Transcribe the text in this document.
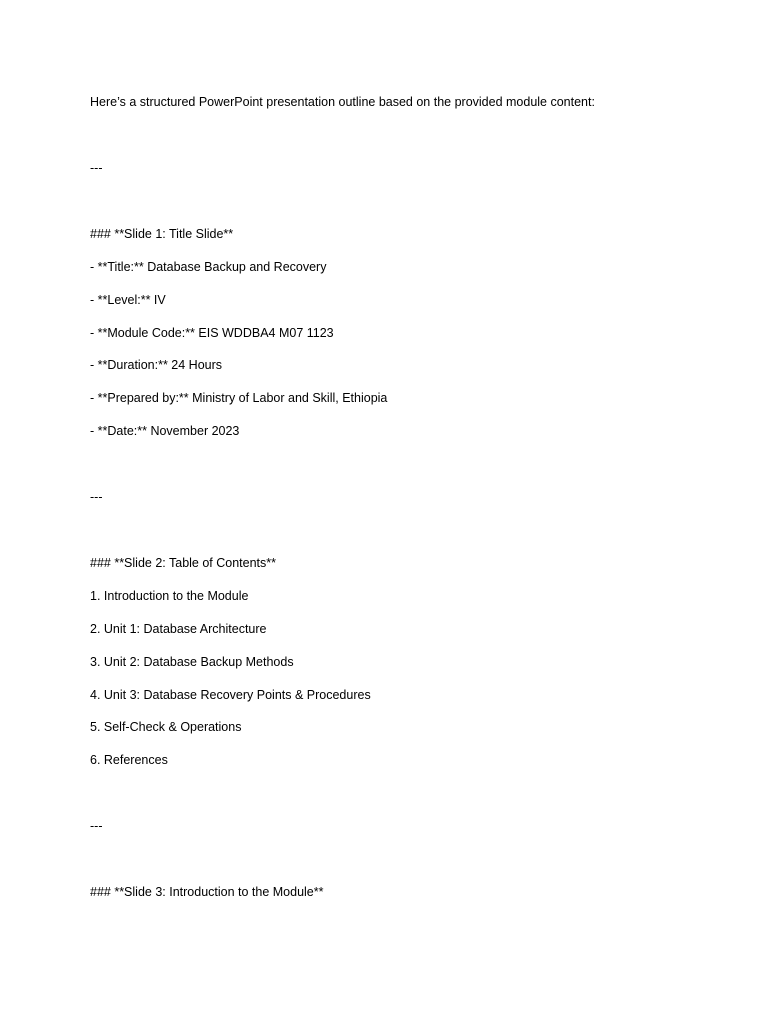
Here’s a structured PowerPoint presentation outline based on the provided module content:

---

### **Slide 1: Title Slide**

- **Title:** Database Backup and Recovery

- **Level:** IV

- **Module Code:** EIS WDDBA4 M07 1123

- **Duration:** 24 Hours

- **Prepared by:** Ministry of Labor and Skill, Ethiopia

- **Date:** November 2023

---

### **Slide 2: Table of Contents**

1. Introduction to the Module

2. Unit 1: Database Architecture

3. Unit 2: Database Backup Methods

4. Unit 3: Database Recovery Points & Procedures

5. Self-Check & Operations

6. References

---

### **Slide 3: Introduction to the Module**
